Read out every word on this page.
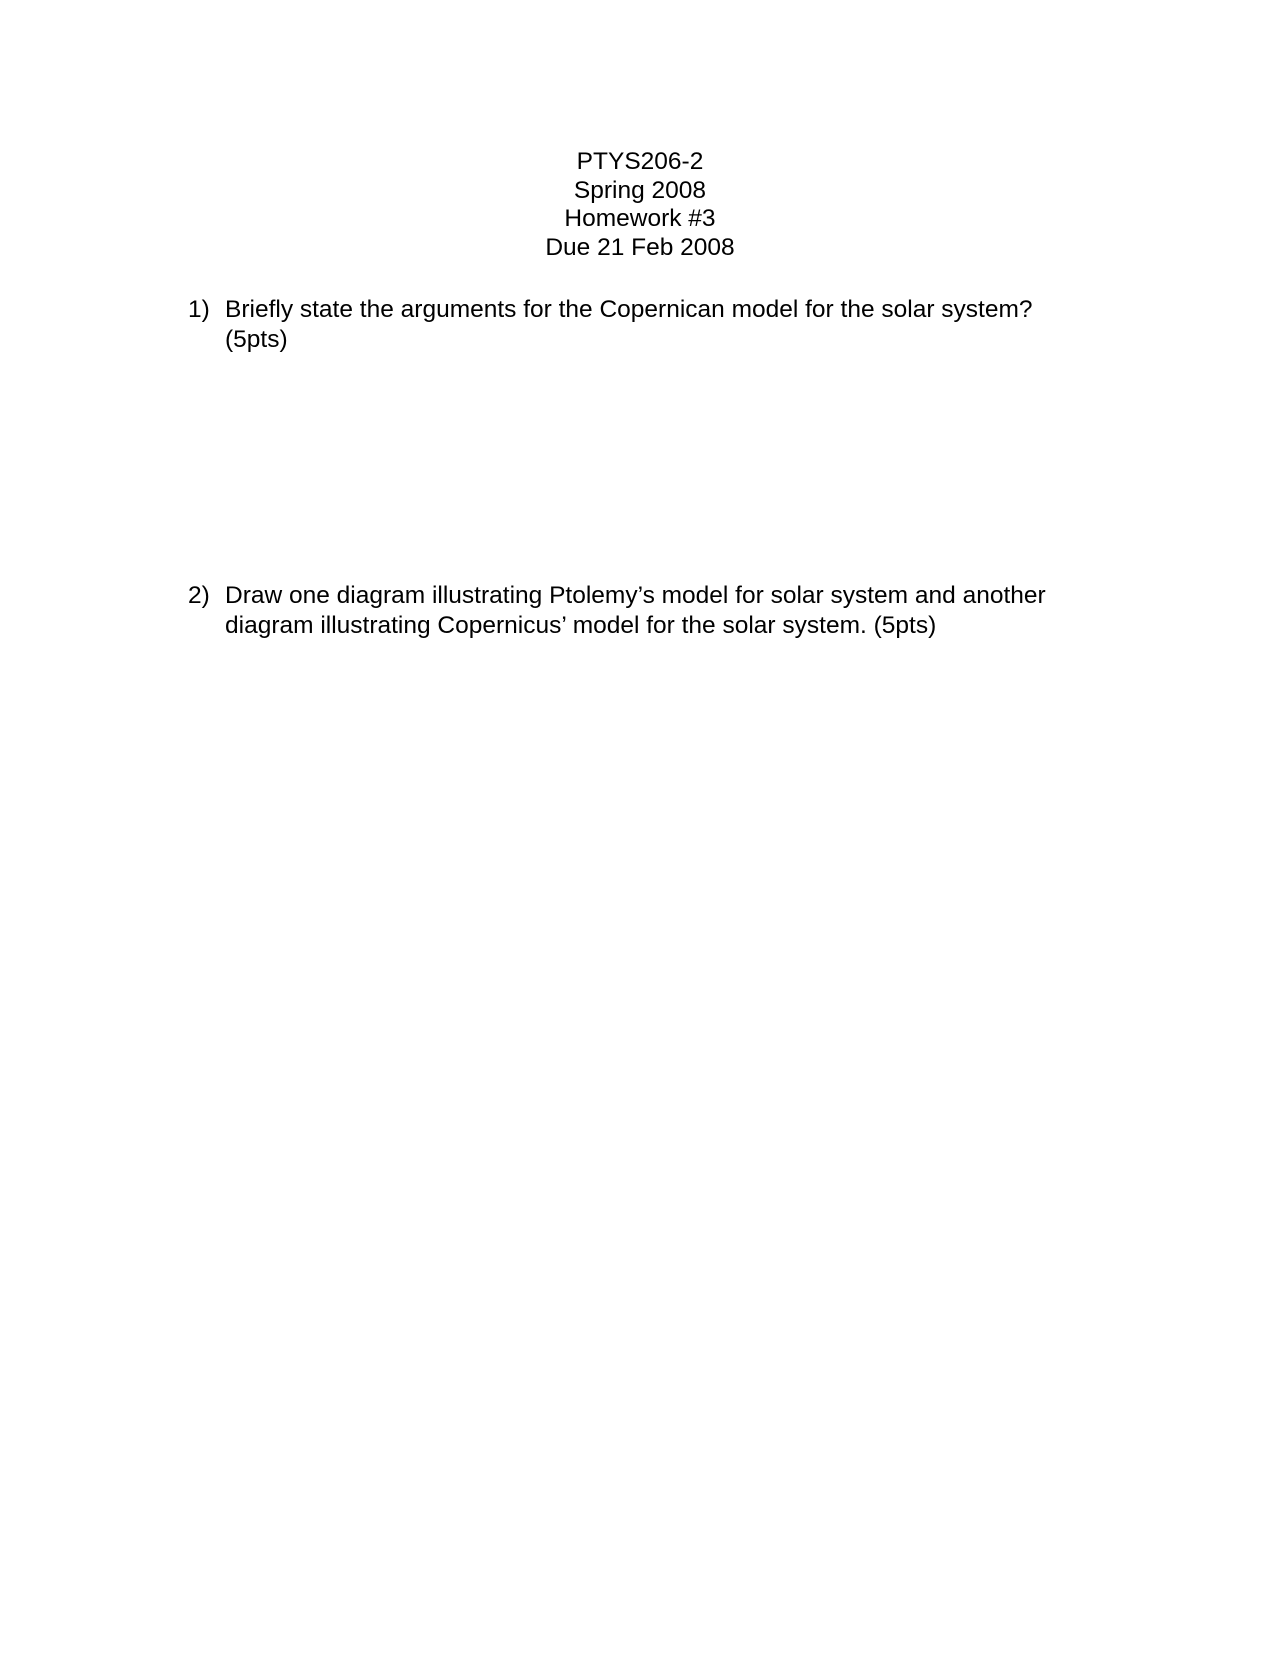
PTYS206-2
Spring 2008
Homework #3
Due 21 Feb 2008
1) Briefly state the arguments for the Copernican model for the solar system?
(5pts)
2) Draw one diagram illustrating Ptolemy’s model for solar system and another
diagram illustrating Copernicus’ model for the solar system. (5pts)
